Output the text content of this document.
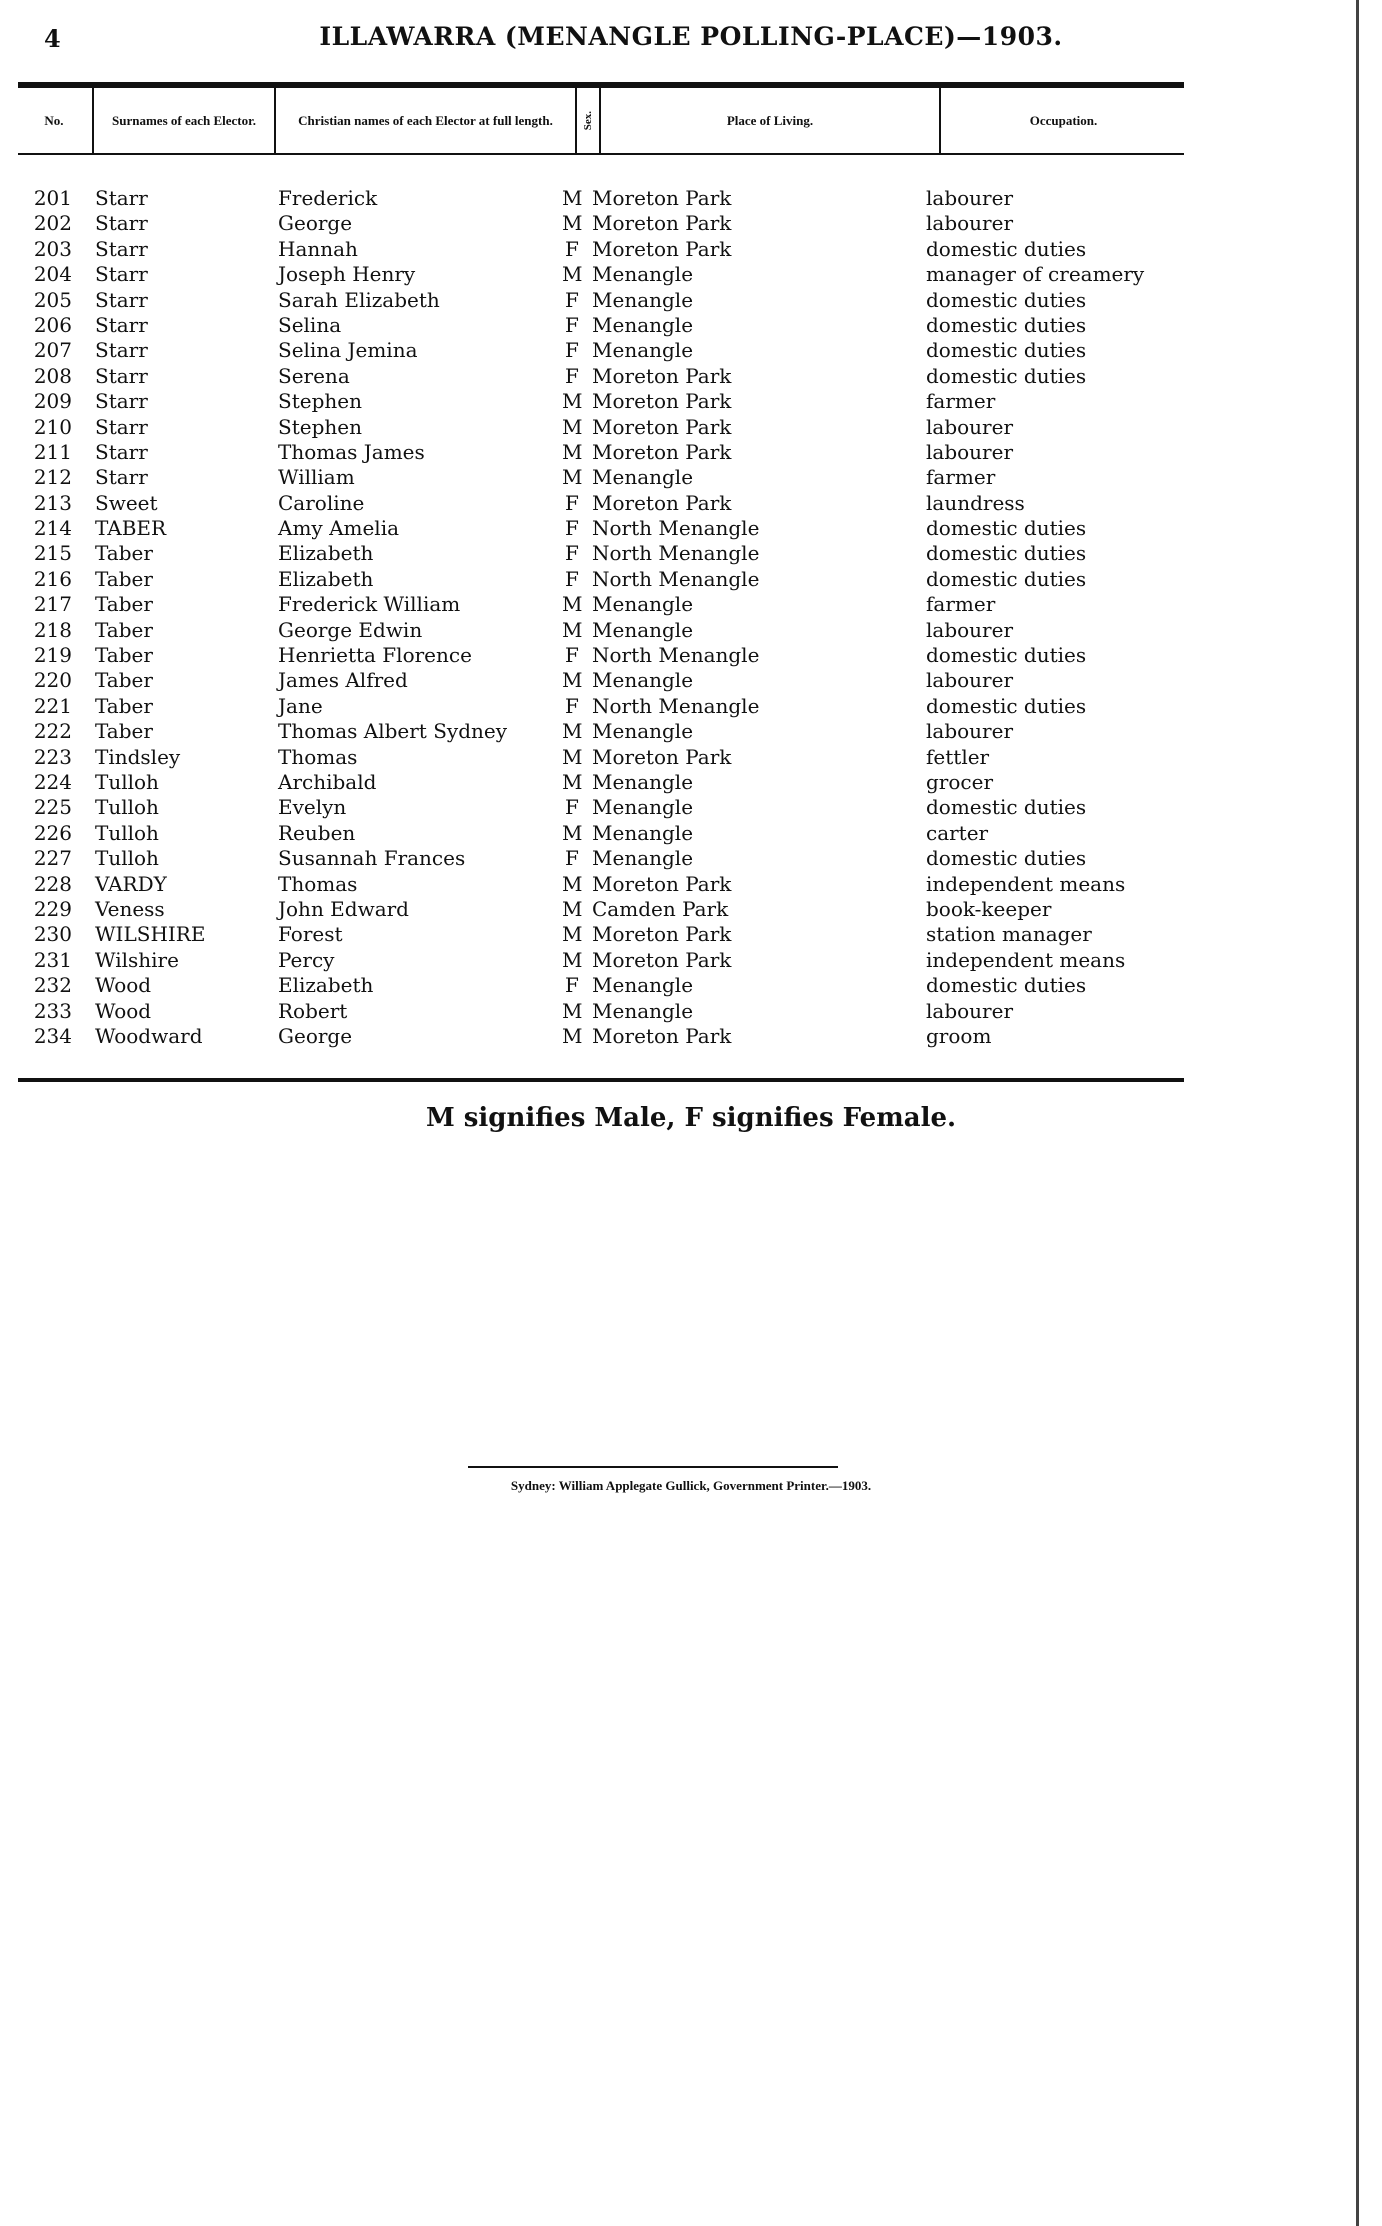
4	ILLAWARRA (MENANGLE POLLING-PLACE)—1903.
No.	Surnames of each Elector.	Christian names of each Elector at full length.	Sex.	Place of Living.	Occupation.
201 Starr	Frederick	M Moreton Park	labourer
202 Starr	George	M Moreton Park	labourer
203 Starr	Hannah	F Moreton Park	domestic duties
204 Starr	Joseph Henry	M Menangle	manager of creamery
205 Starr	Sarah Elizabeth	F Menangle	domestic duties
206 Starr	Selina	F Menangle	domestic duties
207 Starr	Selina Jemina	F Menangle	domestic duties
208 Starr	Serena	F Moreton Park	domestic duties
209 Starr	Stephen	M Moreton Park	farmer
210 Starr	Stephen	M Moreton Park	labourer
211 Starr	Thomas James	M Moreton Park	labourer
212 Starr	William	M Menangle	farmer
213 Sweet	Caroline	F Moreton Park	laundress
214 TABER	Amy Amelia	F North Menangle	domestic duties
215 Taber	Elizabeth	F North Menangle	domestic duties
216 Taber	Elizabeth	F North Menangle	domestic duties
217 Taber	Frederick William	M Menangle	farmer
218 Taber	George Edwin	M Menangle	labourer
219 Taber	Henrietta Florence	F North Menangle	domestic duties
220 Taber	James Alfred	M Menangle	labourer
221 Taber	Jane	F North Menangle	domestic duties
222 Taber	Thomas Albert Sydney	M Menangle	labourer
223 Tindsley	Thomas	M Moreton Park	fettler
224 Tulloh	Archibald	M Menangle	grocer
225 Tulloh	Evelyn	F Menangle	domestic duties
226 Tulloh	Reuben	M Menangle	carter
227 Tulloh	Susannah Frances	F Menangle	domestic duties
228 VARDY	Thomas	M Moreton Park	independent means
229 Veness	John Edward	M Camden Park	book-keeper
230 WILSHIRE	Forest	M Moreton Park	station manager
231 Wilshire	Percy	M Moreton Park	independent means
232 Wood	Elizabeth	F Menangle	domestic duties
233 Wood	Robert	M Menangle	labourer
234 Woodward	George	M Moreton Park	groom
M signifies Male, F signifies Female.
Sydney: William Applegate Gullick, Government Printer.—1903.
